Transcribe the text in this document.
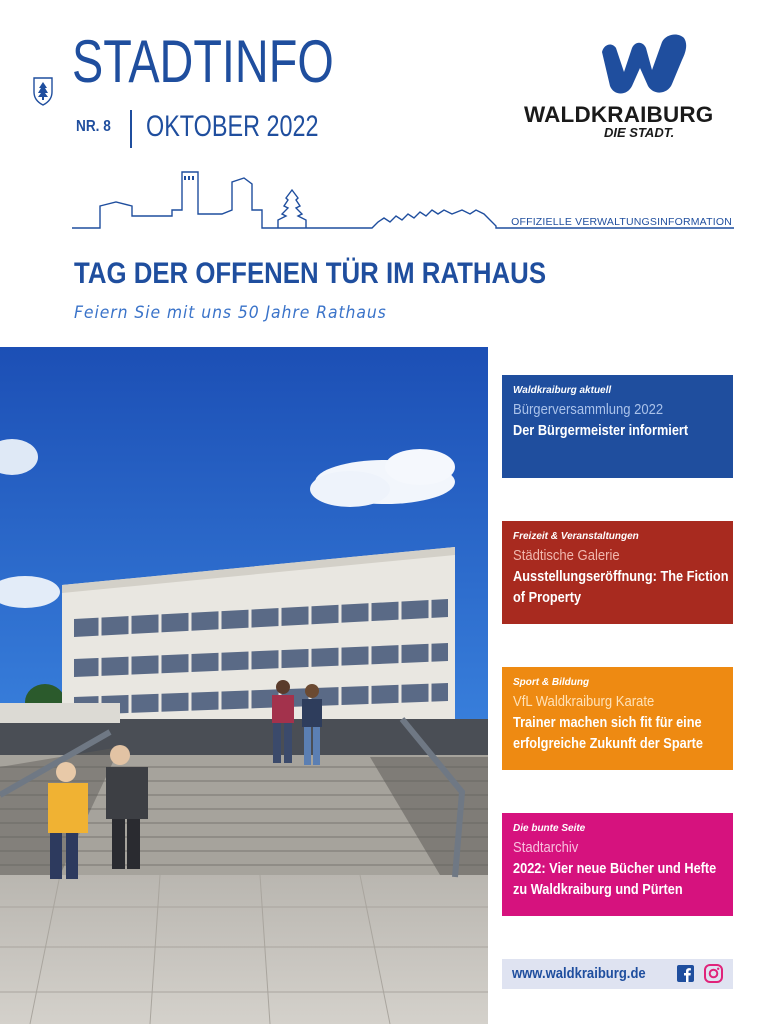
STADTINFO
NR. 8 OKTOBER 2022	WALDKRAIBURG
DIE STADT.
OFFIZIELLE VERWALTUNGSINFORMATION
TAG DER OFFENEN TÜR IM RATHAUS
Feiern Sie mit uns 50 Jahre Rathaus
Waldkraiburg aktuell
Bürgerversammlung 2022
Der Bürgermeister informiert
Freizeit & Veranstaltungen
Städtische Galerie
Ausstellungseröffnung: The Fiction of Property
Sport & Bildung
VfL Waldkraiburg Karate
Trainer machen sich fit für eine erfolgreiche Zukunft der Sparte
Die bunte Seite
Stadtarchiv
2022: Vier neue Bücher und Hefte zu Waldkraiburg und Pürten
www.waldkraiburg.de
